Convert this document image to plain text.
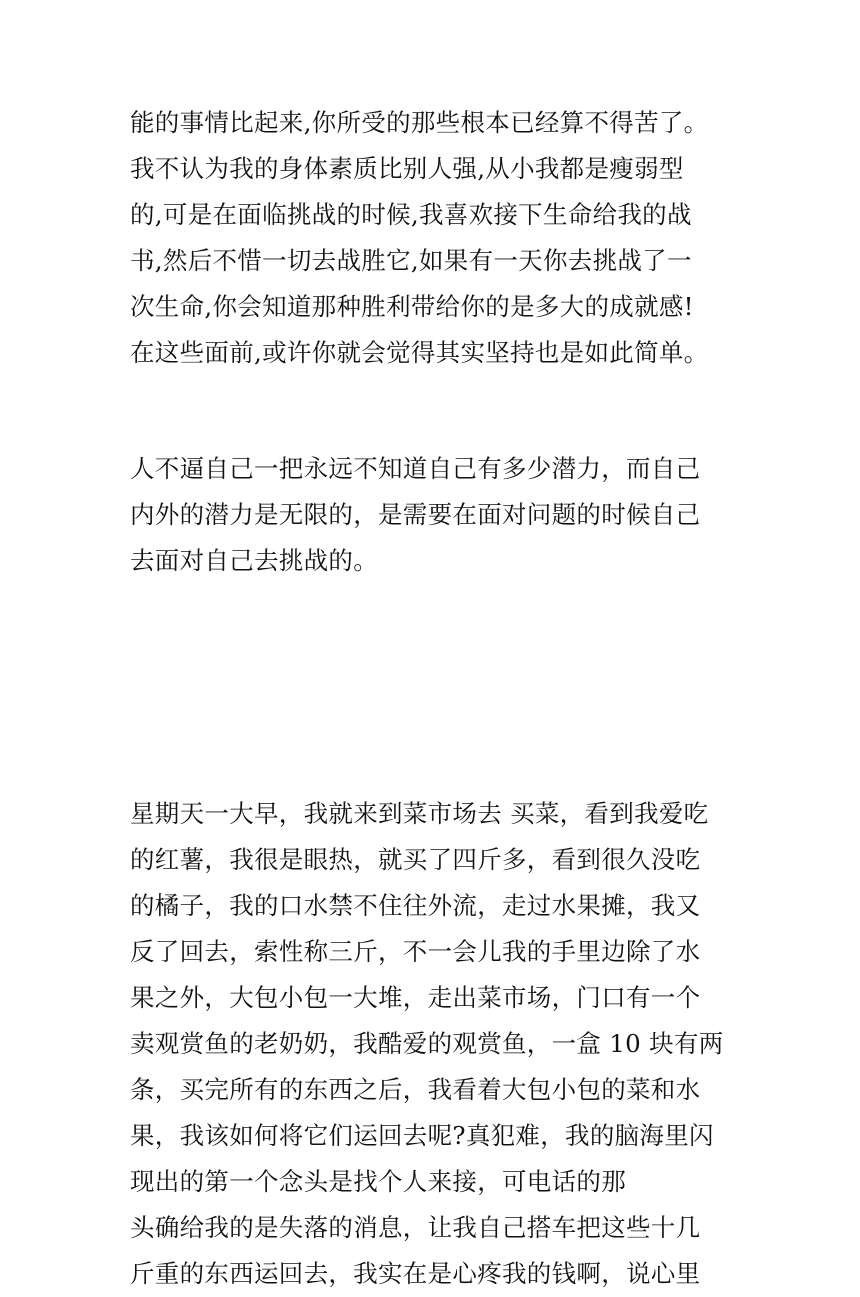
能的事情比起来,你所受的那些根本已经算不得苦了。
我不认为我的身体素质比别人强,从小我都是瘦弱型
的,可是在面临挑战的时候,我喜欢接下生命给我的战
书,然后不惜一切去战胜它,如果有一天你去挑战了一
次生命,你会知道那种胜利带给你的是多大的成就感!
在这些面前,或许你就会觉得其实坚持也是如此简单。
人不逼自己一把永远不知道自己有多少潜力，而自己
内外的潜力是无限的，是需要在面对问题的时候自己
去面对自己去挑战的。
星期天一大早，我就来到菜市场去 买菜，看到我爱吃
的红薯，我很是眼热，就买了四斤多，看到很久没吃
的橘子，我的口水禁不住往外流，走过水果摊，我又
反了回去，索性称三斤，不一会儿我的手里边除了水
果之外，大包小包一大堆，走出菜市场，门口有一个
卖观赏鱼的老奶奶，我酷爱的观赏鱼，一盒 10 块有两
条，买完所有的东西之后，我看着大包小包的菜和水
果，我该如何将它们运回去呢?真犯难，我的脑海里闪
现出的第一个念头是找个人来接，可电话的那
头确给我的是失落的消息，让我自己搭车把这些十几
斤重的东西运回去，我实在是心疼我的钱啊，说心里
